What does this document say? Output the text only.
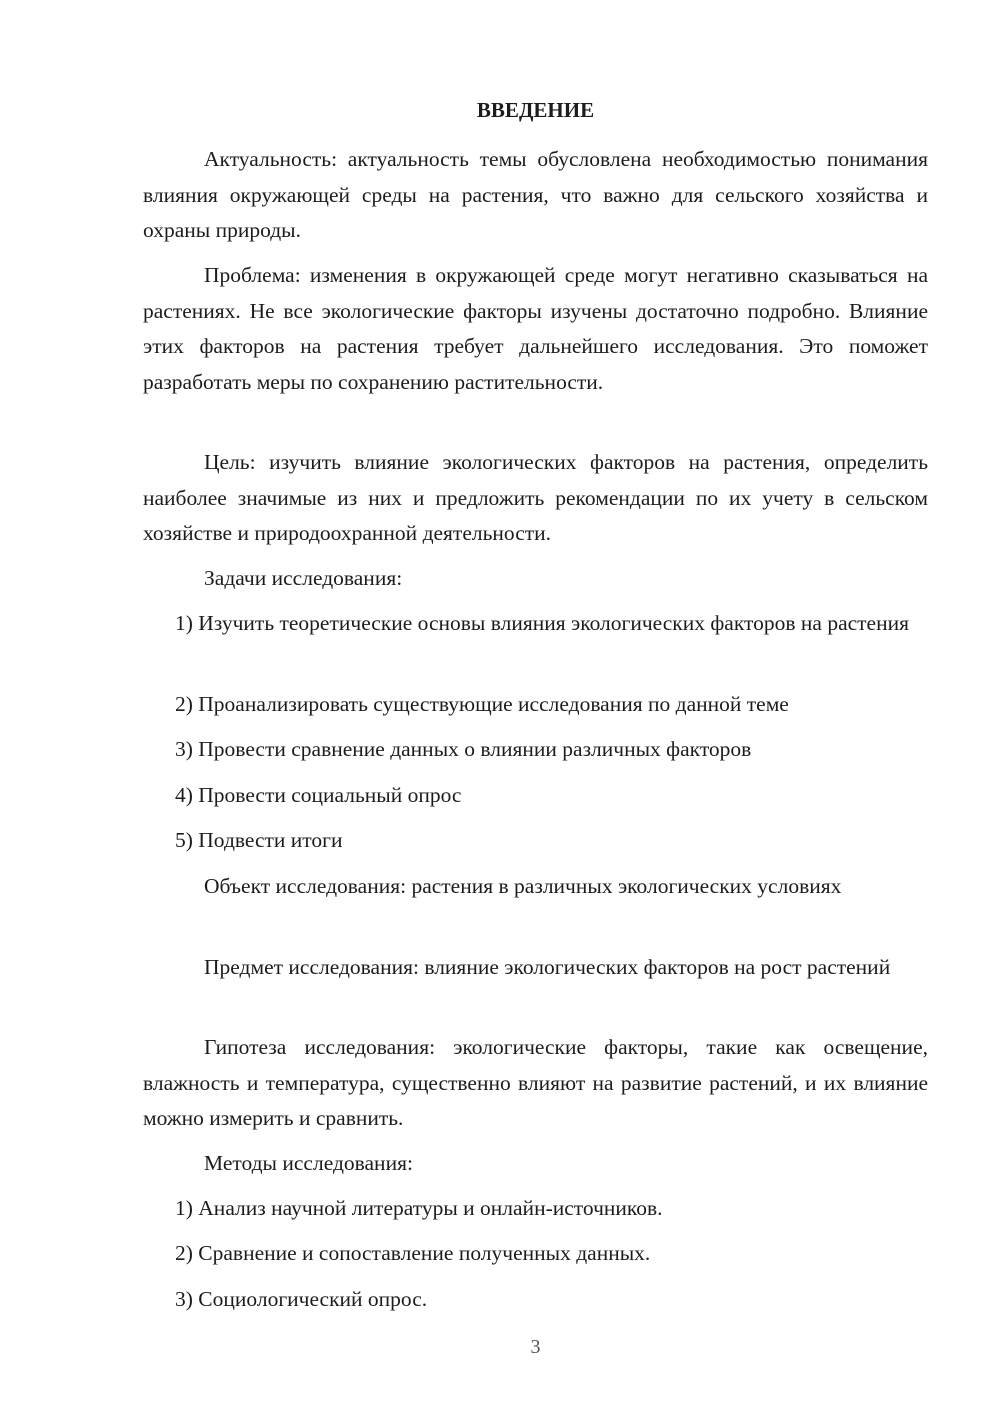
ВВЕДЕНИЕ

Актуальность: актуальность темы обусловлена необходимостью понимания влияния окружающей среды на растения, что важно для сельского хозяйства и охраны природы.

Проблема: изменения в окружающей среде могут негативно сказываться на растениях. Не все экологические факторы изучены достаточно подробно. Влияние этих факторов на растения требует дальнейшего исследования. Это поможет разработать меры по сохранению растительности.

Цель: изучить влияние экологических факторов на растения, определить наиболее значимые из них и предложить рекомендации по их учету в сельском хозяйстве и природоохранной деятельности.

Задачи исследования:

1) Изучить теоретические основы влияния экологических факторов на растения

2) Проанализировать существующие исследования по данной теме

3) Провести сравнение данных о влиянии различных факторов

4) Провести социальный опрос

5) Подвести итоги

Объект исследования: растения в различных экологических условиях

Предмет исследования: влияние экологических факторов на рост растений

Гипотеза исследования: экологические факторы, такие как освещение, влажность и температура, существенно влияют на развитие растений, и их влияние можно измерить и сравнить.

Методы исследования:

1) Анализ научной литературы и онлайн-источников.

2) Сравнение и сопоставление полученных данных.

3) Социологический опрос.

3
